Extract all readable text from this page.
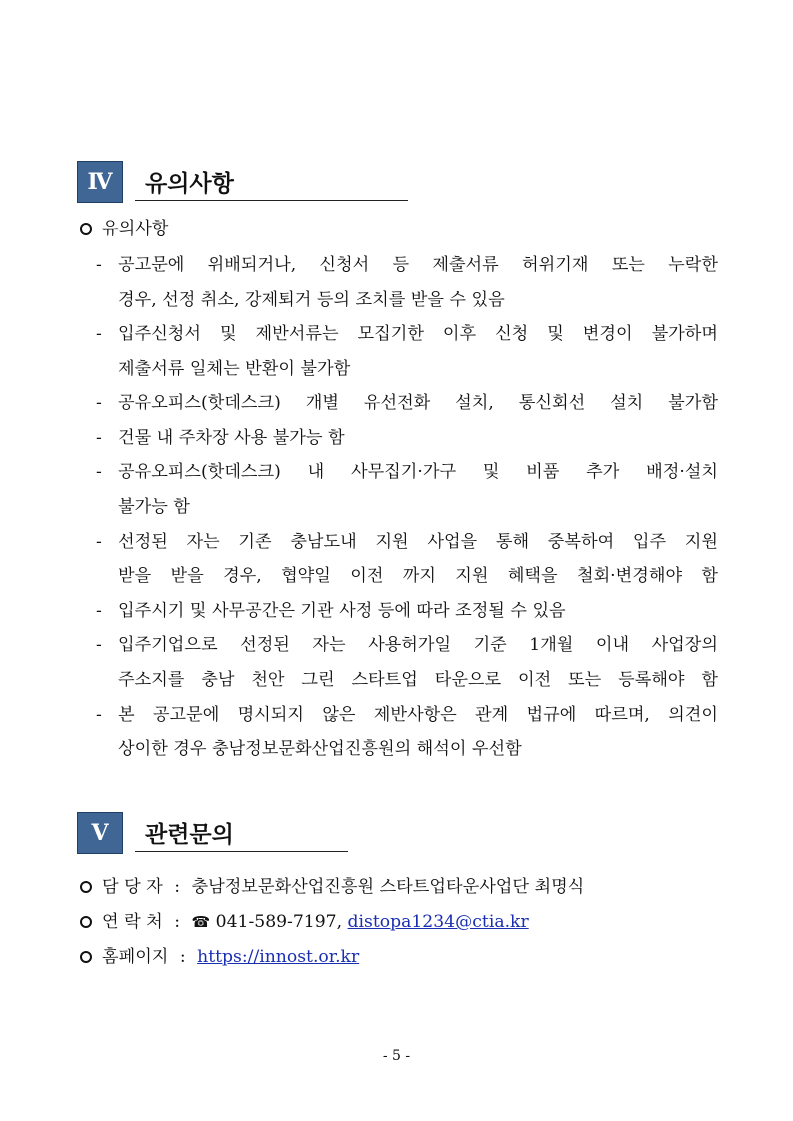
Ⅳ	유의사항
유의사항
- 공고문에 위배되거나, 신청서 등 제출서류 허위기재 또는 누락한
경우, 선정 취소, 강제퇴거 등의 조치를 받을 수 있음
- 입주신청서 및 제반서류는 모집기한 이후 신청 및 변경이 불가하며
제출서류 일체는 반환이 불가함
- 공유오피스(핫데스크) 개별 유선전화 설치, 통신회선 설치 불가함
- 건물 내 주차장 사용 불가능 함
- 공유오피스(핫데스크) 내 사무집기·가구 및 비품 추가 배정·설치
불가능 함
- 선정된 자는 기존 충남도내 지원 사업을 통해 중복하여 입주 지원
받을 받을 경우, 협약일 이전 까지 지원 혜택을 철회·변경해야 함
- 입주시기 및 사무공간은 기관 사정 등에 따라 조정될 수 있음
- 입주기업으로 선정된 자는 사용허가일 기준 1개월 이내 사업장의
주소지를 충남 천안 그린 스타트업 타운으로 이전 또는 등록해야 함
- 본 공고문에 명시되지 않은 제반사항은 관계 법규에 따르며, 의견이
상이한 경우 충남정보문화산업진흥원의 해석이 우선함
Ⅴ	관련문의
담 당 자 : 충남정보문화산업진흥원 스타트업타운사업단 최명식
연 락 처 : ☎ 041-589-7197, distopa1234@ctia.kr
홈페이지 : https://innost.or.kr
- 5 -
